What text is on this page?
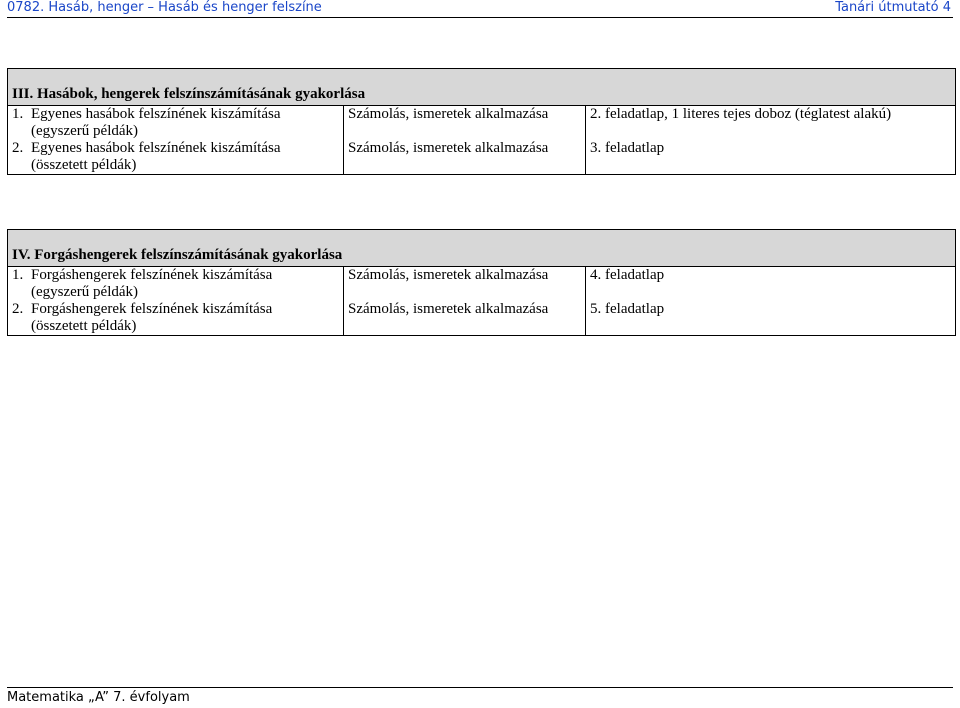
0782. Hasáb, henger – Hasáb és henger felszíne	Tanári útmutató 4
III. Hasábok, hengerek felszínszámításának gyakorlása		

1. Egyenes hasábok felszínének kiszámítása
(egyszerű példák)	Számolás, ismeretek alkalmazása	2. feladatlap, 1 literes tejes doboz (téglatest alakú)

2. Egyenes hasábok felszínének kiszámítása
(összetett példák)	Számolás, ismeretek alkalmazása	3. feladatlap
IV. Forgáshengerek felszínszámításának gyakorlása		

1. Forgáshengerek felszínének kiszámítása
(egyszerű példák)	Számolás, ismeretek alkalmazása	4. feladatlap

2. Forgáshengerek felszínének kiszámítása
(összetett példák)	Számolás, ismeretek alkalmazása	5. feladatlap
Matematika „A” 7. évfolyam
